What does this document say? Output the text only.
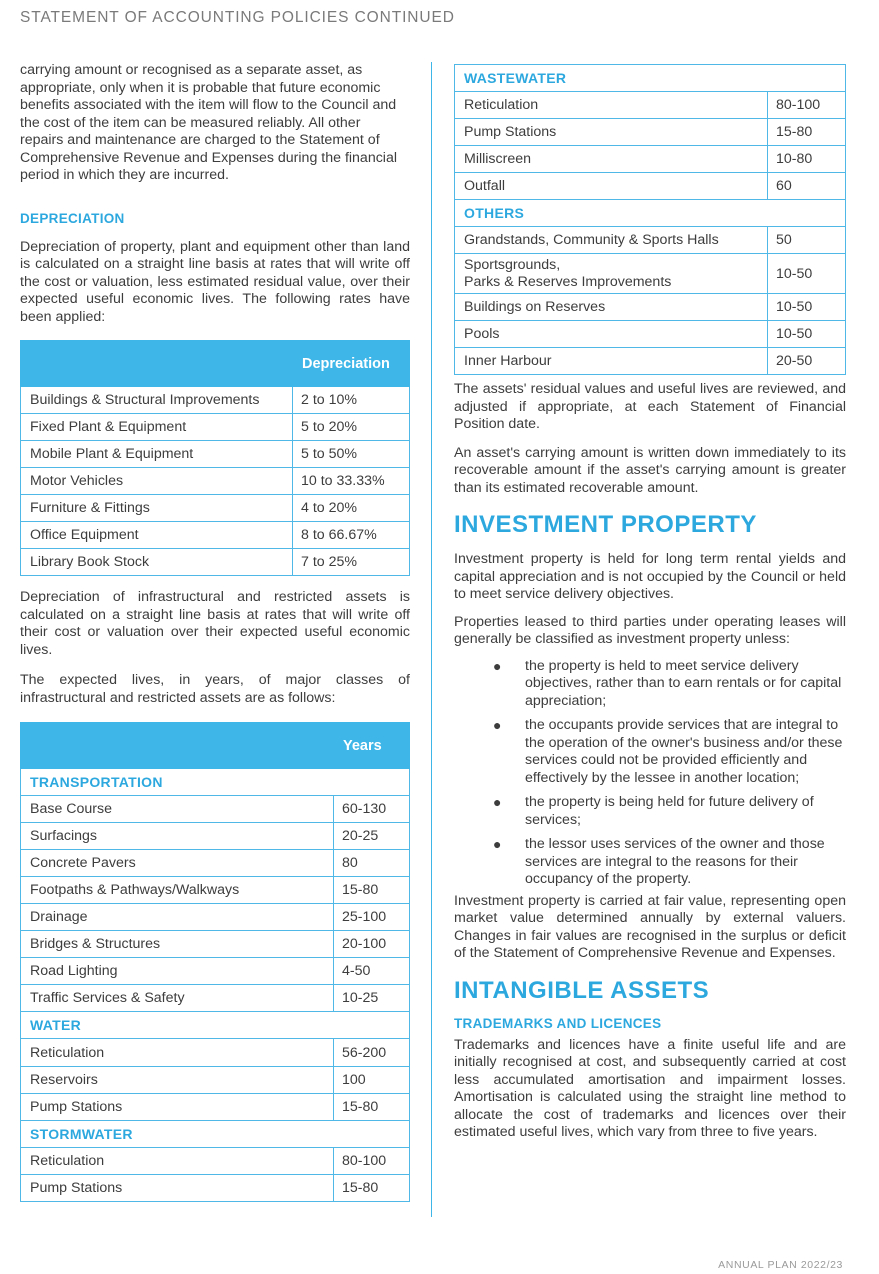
STATEMENT OF ACCOUNTING POLICIES CONTINUED

carrying amount or recognised as a separate asset, as appropriate, only when it is probable that future economic benefits associated with the item will flow to the Council and the cost of the item can be measured reliably. All other repairs and maintenance are charged to the Statement of Comprehensive Revenue and Expenses during the financial period in which they are incurred.

DEPRECIATION

Depreciation of property, plant and equipment other than land is calculated on a straight line basis at rates that will write off the cost or valuation, less estimated residual value, over their expected useful economic lives. The following rates have been applied:

	Depreciation
Buildings & Structural Improvements	2 to 10%
Fixed Plant & Equipment	5 to 20%
Mobile Plant & Equipment	5 to 50%
Motor Vehicles	10 to 33.33%
Furniture & Fittings	4 to 20%
Office Equipment	8 to 66.67%
Library Book Stock	7 to 25%

Depreciation of infrastructural and restricted assets is calculated on a straight line basis at rates that will write off their cost or valuation over their expected useful economic lives.

The expected lives, in years, of major classes of infrastructural and restricted assets are as follows:

	Years
TRANSPORTATION	
Base Course	60-130
Surfacings	20-25
Concrete Pavers	80
Footpaths & Pathways/Walkways	15-80
Drainage	25-100
Bridges & Structures	20-100
Road Lighting	4-50
Traffic Services & Safety	10-25
WATER	
Reticulation	56-200
Reservoirs	100
Pump Stations	15-80
STORMWATER	
Reticulation	80-100
Pump Stations	15-80
WASTEWATER	
Reticulation	80-100
Pump Stations	15-80
Milliscreen	10-80
Outfall	60
OTHERS	
Grandstands, Community & Sports Halls	50
Sportsgrounds,
Parks & Reserves Improvements	10-50
Buildings on Reserves	10-50
Pools	10-50
Inner Harbour	20-50

The assets' residual values and useful lives are reviewed, and adjusted if appropriate, at each Statement of Financial Position date.

An asset's carrying amount is written down immediately to its recoverable amount if the asset's carrying amount is greater than its estimated recoverable amount.

INVESTMENT PROPERTY

Investment property is held for long term rental yields and capital appreciation and is not occupied by the Council or held to meet service delivery objectives.

Properties leased to third parties under operating leases will generally be classified as investment property unless:

● the property is held to meet service delivery objectives, rather than to earn rentals or for capital appreciation;
● the occupants provide services that are integral to the operation of the owner's business and/or these services could not be provided efficiently and effectively by the lessee in another location;
● the property is being held for future delivery of services;
● the lessor uses services of the owner and those services are integral to the reasons for their occupancy of the property.

Investment property is carried at fair value, representing open market value determined annually by external valuers. Changes in fair values are recognised in the surplus or deficit of the Statement of Comprehensive Revenue and Expenses.

INTANGIBLE ASSETS
TRADEMARKS AND LICENCES

Trademarks and licences have a finite useful life and are initially recognised at cost, and subsequently carried at cost less accumulated amortisation and impairment losses. Amortisation is calculated using the straight line method to allocate the cost of trademarks and licences over their estimated useful lives, which vary from three to five years.

ANNUAL PLAN 2022/23
